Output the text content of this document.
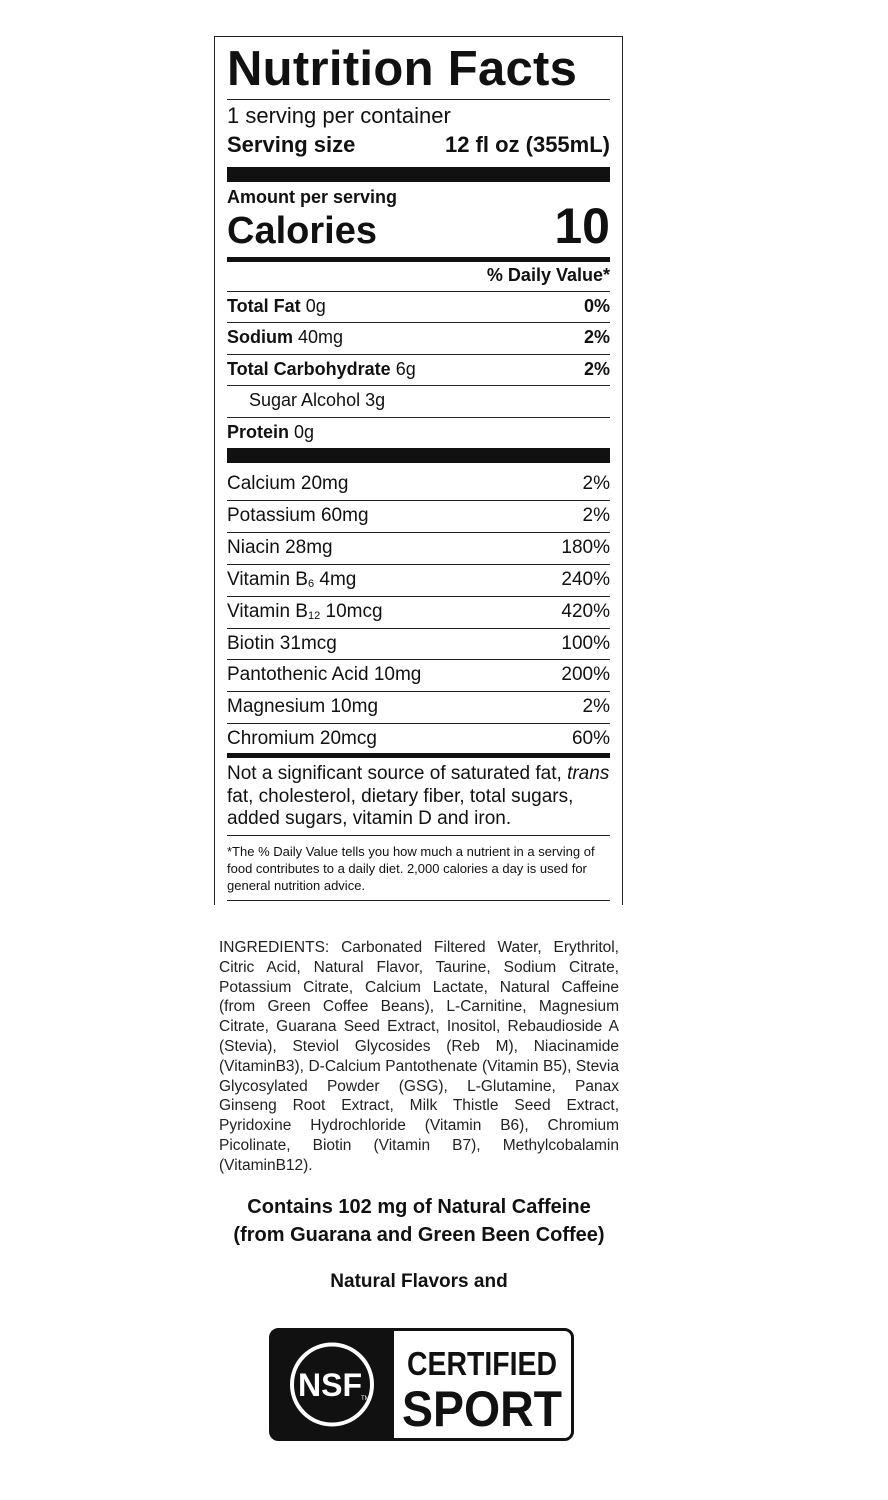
Nutrition Facts
1 serving per container
Serving size	12 fl oz (355mL)
Amount per serving
Calories	10
% Daily Value*
Total Fat 0g	0%
Sodium 40mg	2%
Total Carbohydrate 6g	2%
Sugar Alcohol 3g
Protein 0g
Calcium 20mg	2%
Potassium 60mg	2%
Niacin 28mg	180%
Vitamin B6 4mg	240%
Vitamin B12 10mcg	420%
Biotin 31mcg	100%
Pantothenic Acid 10mg	200%
Magnesium 10mg	2%
Chromium 20mcg	60%
Not a significant source of saturated fat, trans fat, cholesterol, dietary fiber, total sugars, added sugars, vitamin D and iron.
*The % Daily Value tells you how much a nutrient in a serving of food contributes to a daily diet. 2,000 calories a day is used for general nutrition advice.
INGREDIENTS: Carbonated Filtered Water, Erythritol, Citric Acid, Natural Flavor, Taurine, Sodium Citrate, Potassium Citrate, Calcium Lactate, Natural Caffeine (from Green Coffee Beans), L-Carnitine, Magnesium Citrate, Guarana Seed Extract, Inositol, Rebaudioside A (Stevia), Steviol Glycosides (Reb M), Niacinamide (VitaminB3), D-Calcium Pantothenate (Vitamin B5), Stevia Glycosylated Powder (GSG), L-Glutamine, Panax Ginseng Root Extract, Milk Thistle Seed Extract, Pyridoxine Hydrochloride (Vitamin B6), Chromium Picolinate, Biotin (Vitamin B7), Methylcobalamin (VitaminB12).
Contains 102 mg of Natural Caffeine
(from Guarana and Green Been Coffee)
Natural Flavors and
NSF TM
CERTIFIED
SPORT
